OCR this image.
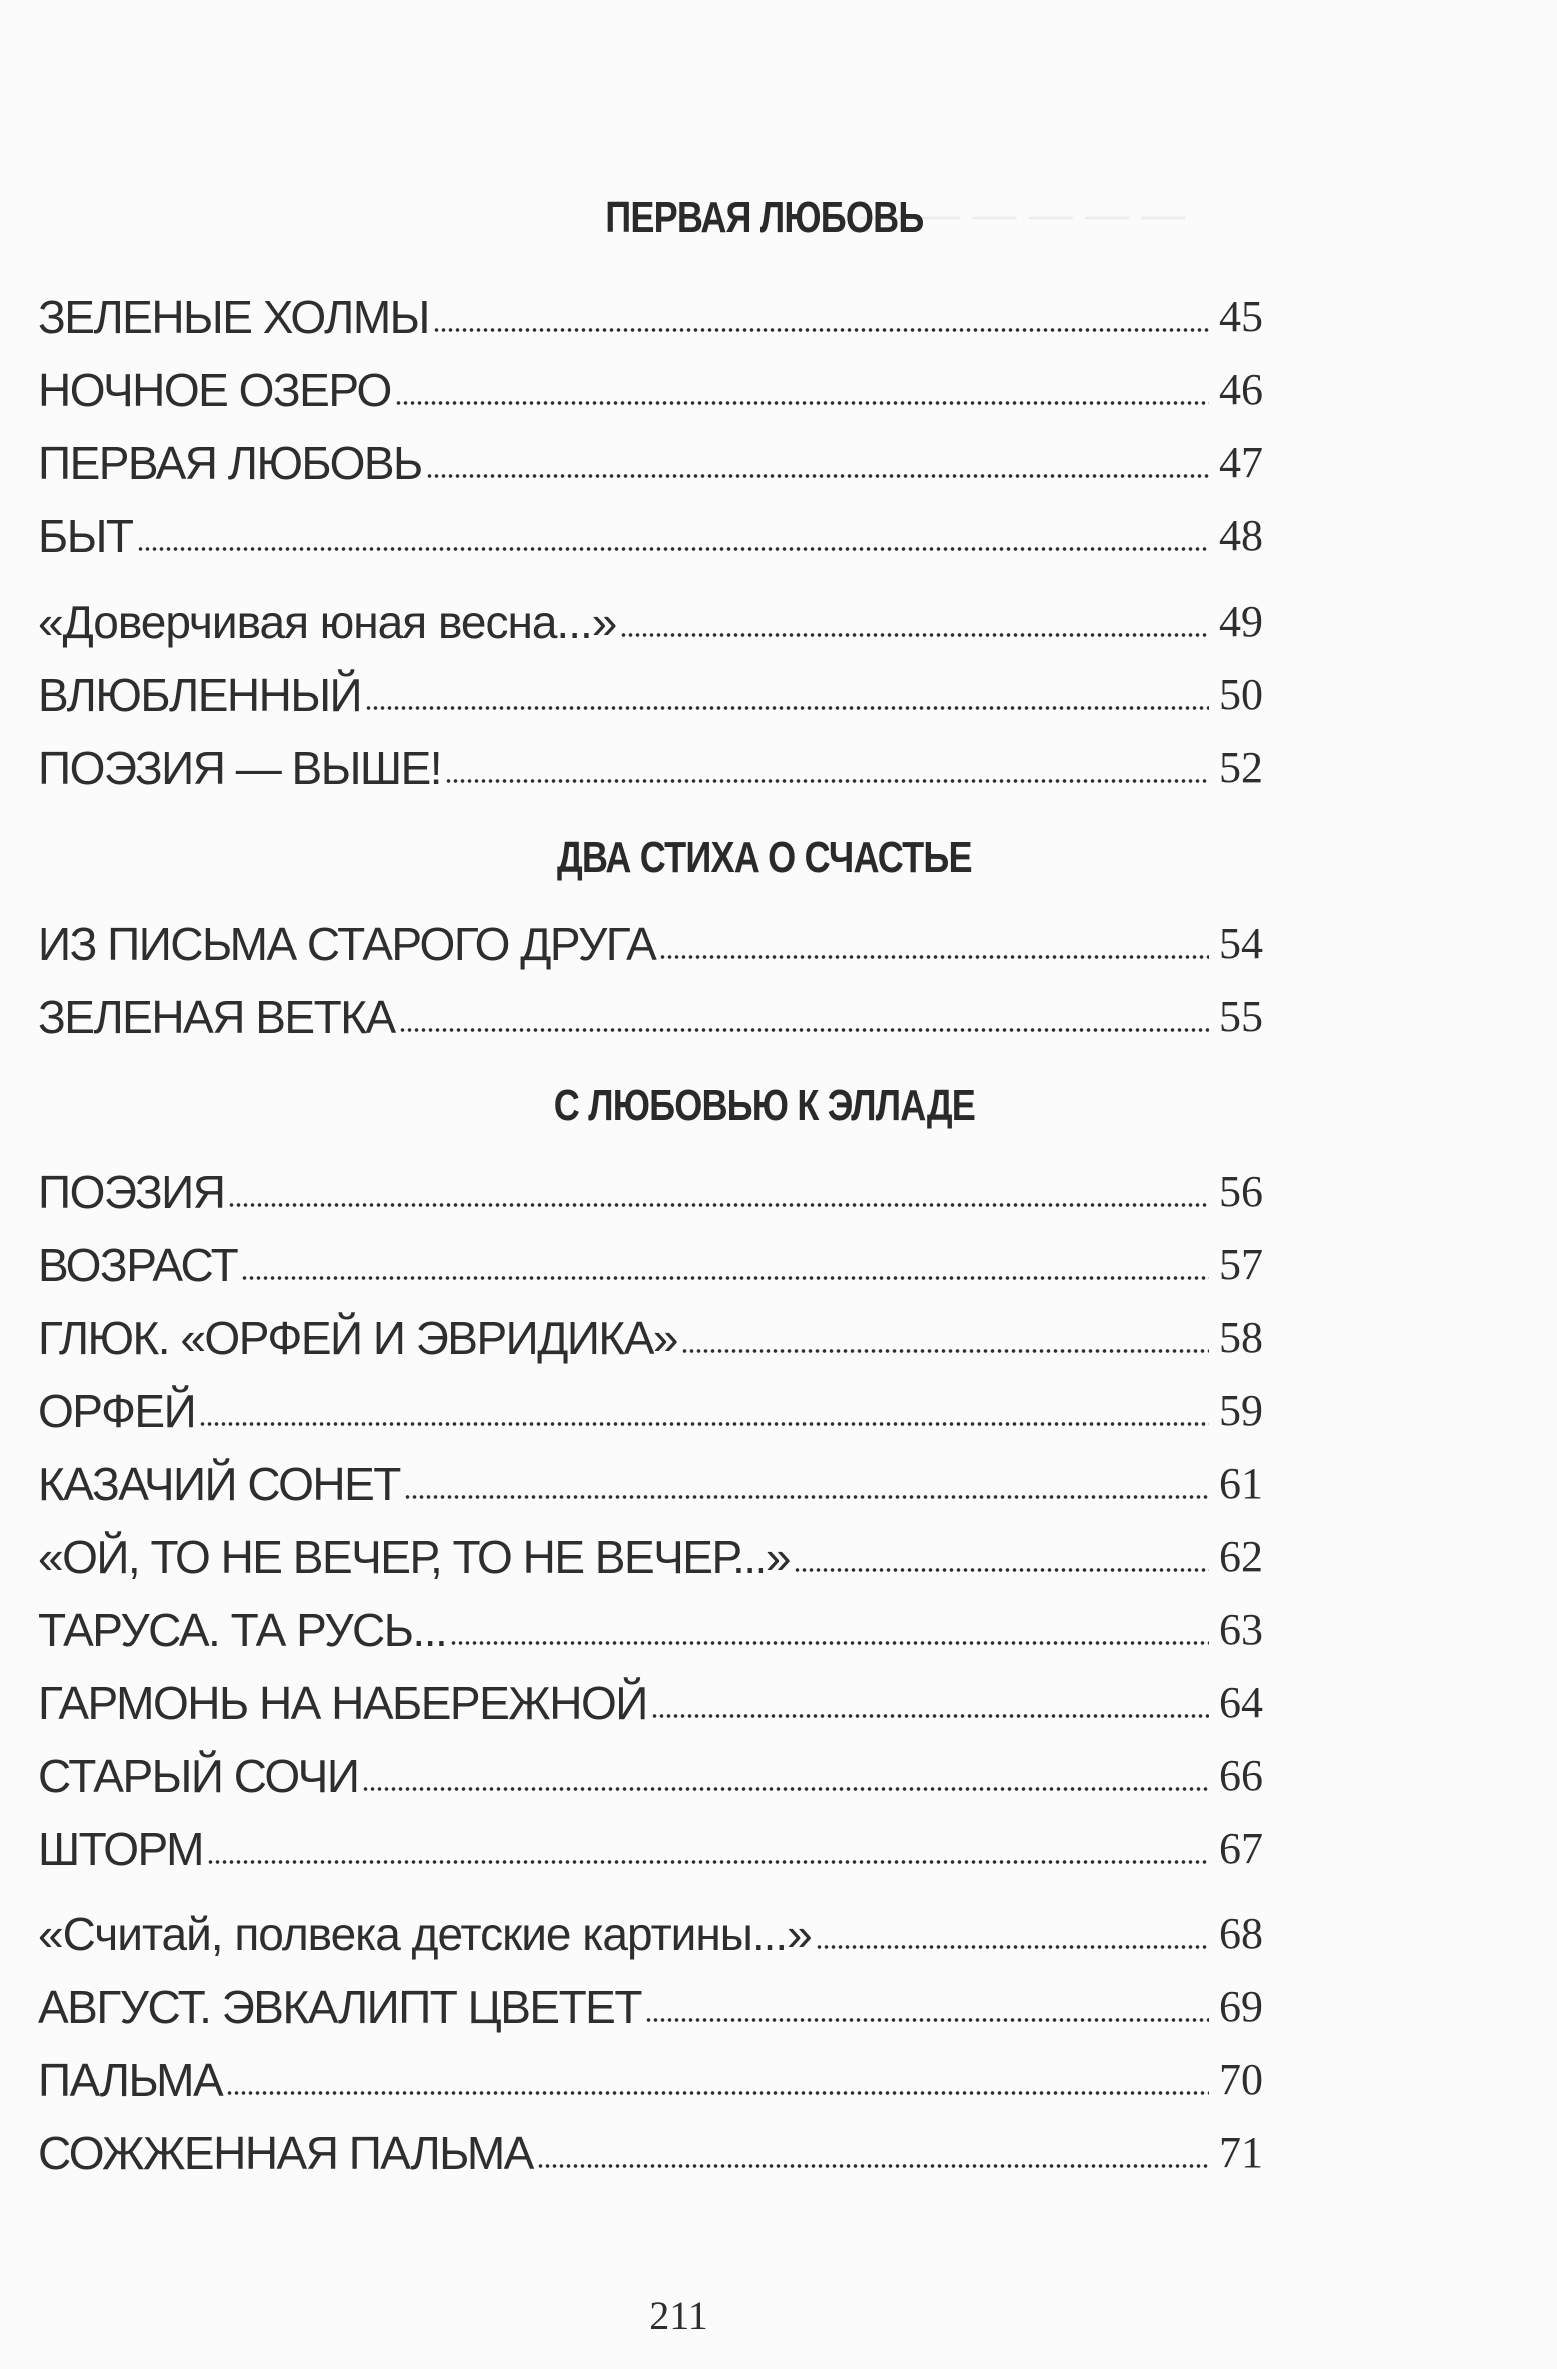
— — — — — —
ПЕРВАЯ ЛЮБОВЬ
ЗЕЛЕНЫЕ ХОЛМЫ	45
НОЧНОЕ ОЗЕРО	46
ПЕРВАЯ ЛЮБОВЬ	47
БЫТ	48
«Доверчивая юная весна...»	49
ВЛЮБЛЕННЫЙ	50
ПОЭЗИЯ — ВЫШЕ!	52
ДВА СТИХА О СЧАСТЬЕ
ИЗ ПИСЬМА СТАРОГО ДРУГА	54
ЗЕЛЕНАЯ ВЕТКА	55
С ЛЮБОВЬЮ К ЭЛЛАДЕ
ПОЭЗИЯ	56
ВОЗРАСТ	57
ГЛЮК. «ОРФЕЙ И ЭВРИДИКА»	58
ОРФЕЙ	59
КАЗАЧИЙ СОНЕТ	61
«ОЙ, ТО НЕ ВЕЧЕР, ТО НЕ ВЕЧЕР...»	62
ТАРУСА. ТА РУСЬ...	63
ГАРМОНЬ НА НАБЕРЕЖНОЙ	64
СТАРЫЙ СОЧИ	66
ШТОРМ	67
«Считай, полвека детские картины...»	68
АВГУСТ. ЭВКАЛИПТ ЦВЕТЕТ	69
ПАЛЬМА	70
СОЖЖЕННАЯ ПАЛЬМА	71
211
